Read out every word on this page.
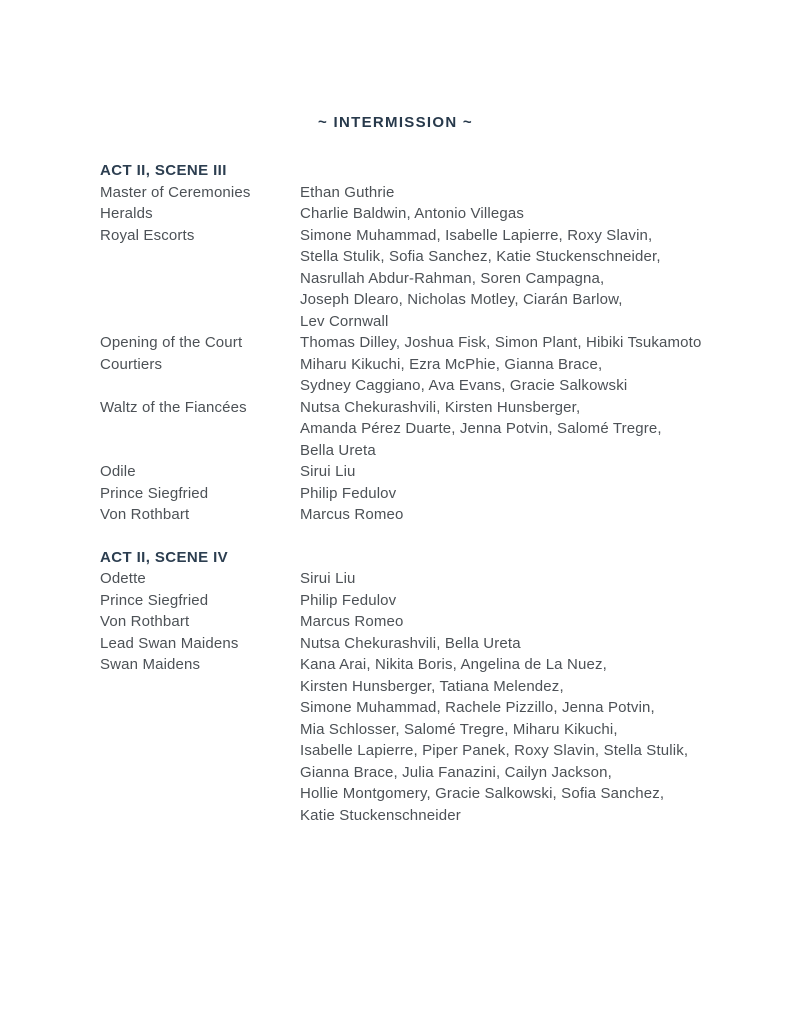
~ INTERMISSION ~
ACT II, SCENE III
Master of Ceremonies	Ethan Guthrie
Heralds	Charlie Baldwin, Antonio Villegas
Royal Escorts	Simone Muhammad, Isabelle Lapierre, Roxy Slavin,
Stella Stulik, Sofia Sanchez, Katie Stuckenschneider,
Nasrullah Abdur-Rahman, Soren Campagna,
Joseph Dlearo, Nicholas Motley, Ciarán Barlow,
Lev Cornwall
Opening of the Court	Thomas Dilley, Joshua Fisk, Simon Plant, Hibiki Tsukamoto
Courtiers	Miharu Kikuchi, Ezra McPhie, Gianna Brace,
Sydney Caggiano, Ava Evans, Gracie Salkowski
Waltz of the Fiancées	Nutsa Chekurashvili, Kirsten Hunsberger,
Amanda Pérez Duarte, Jenna Potvin, Salomé Tregre,
Bella Ureta
Odile	Sirui Liu
Prince Siegfried	Philip Fedulov
Von Rothbart	Marcus Romeo
ACT II, SCENE IV
Odette	Sirui Liu
Prince Siegfried	Philip Fedulov
Von Rothbart	Marcus Romeo
Lead Swan Maidens	Nutsa Chekurashvili, Bella Ureta
Swan Maidens	Kana Arai, Nikita Boris, Angelina de La Nuez,
Kirsten Hunsberger, Tatiana Melendez,
Simone Muhammad, Rachele Pizzillo, Jenna Potvin,
Mia Schlosser, Salomé Tregre, Miharu Kikuchi,
Isabelle Lapierre, Piper Panek, Roxy Slavin, Stella Stulik,
Gianna Brace, Julia Fanazini, Cailyn Jackson,
Hollie Montgomery, Gracie Salkowski, Sofia Sanchez,
Katie Stuckenschneider
